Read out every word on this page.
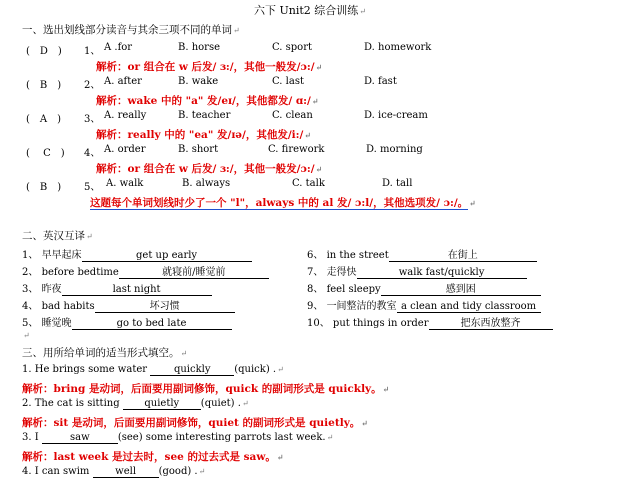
六下 Unit2 综合训练↵
一、选出划线部分读音与其余三项不同的单词↵
(　D　) 1、 A .for	B. horse	C. sport	D. homework
解析：or 组合在 w 后发/ ɜ:/，其他一般发/ɔ:/↵
(　B　) 2、 A. after	B. wake	C. last	D. fast
解析：wake 中的 "a" 发/eɪ/，其他都发/ ɑ:/↵
(　A　) 3、 A. really	B. teacher	C. clean	D. ice-cream
解析：really 中的 "ea" 发/ɪə/，其他发/i:/↵
(　 C　) 4、 A. order	B. short	C. firework	D. morning
解析：or 组合在 w 后发/ ɜ:/，其他一般发/ɔ:/↵
(　B　) 5、 A. walk	B. always	C. talk	D. tall
这题每个单词划线时少了一个 "l"，always 中的 al 发/ ɔ:l/，其他选项发/ ɔ:/。↵
二、英汉互译↵
1、 早早起床	get up early
2、 before bedtime	就寝前/睡觉前
3、 昨夜	last night
4、 bad habits	坏习惯
5、 睡觉晚	go to bed late
6、 in the street	在街上
7、 走得快	walk fast/quickly
8、 feel sleepy	感到困
9、 一间整洁的教室 a clean and tidy classroom
10、 put things in order	把东西放整齐
↵
三、用所给单词的适当形式填空。↵
1. He brings some water	quickly (quick) .↵
解析：bring 是动词，后面要用副词修饰，quick 的副词形式是 quickly。↵
2. The cat is sitting quietly (quiet) .↵
解析：sit 是动词，后面要用副词修饰，quiet 的副词形式是 quietly。↵
3. I	saw	(see) some interesting parrots last week.↵
解析：last week 是过去时，see 的过去式是 saw。↵
4. I can swim	well (good) .↵
